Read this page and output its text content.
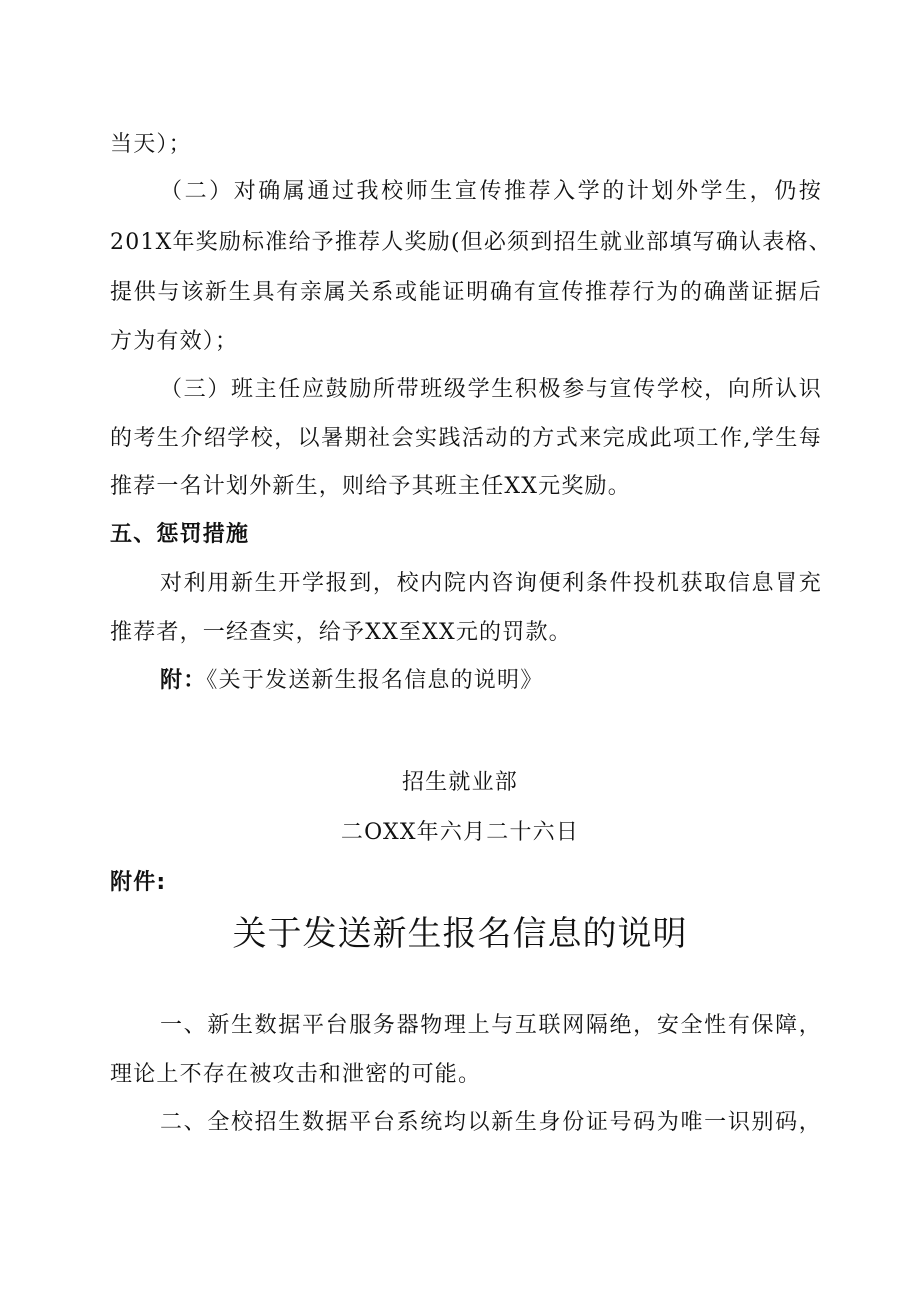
当天）；
（二）对确属通过我校师生宣传推荐入学的计划外学生，仍按
201X年奖励标准给予推荐人奖励(但必须到招生就业部填写确认表格、
提供与该新生具有亲属关系或能证明确有宣传推荐行为的确凿证据后
方为有效）；
（三）班主任应鼓励所带班级学生积极参与宣传学校，向所认识
的考生介绍学校，以暑期社会实践活动的方式来完成此项工作,学生每
推荐一名计划外新生，则给予其班主任XX元奖励。
五、惩罚措施
对利用新生开学报到，校内院内咨询便利条件投机获取信息冒充
推荐者，一经查实，给予XX至XX元的罚款。
附：《关于发送新生报名信息的说明》
招生就业部
二OXX年六月二十六日
附件:
关于发送新生报名信息的说明
一、新生数据平台服务器物理上与互联网隔绝，安全性有保障，
理论上不存在被攻击和泄密的可能。
二、全校招生数据平台系统均以新生身份证号码为唯一识别码，
